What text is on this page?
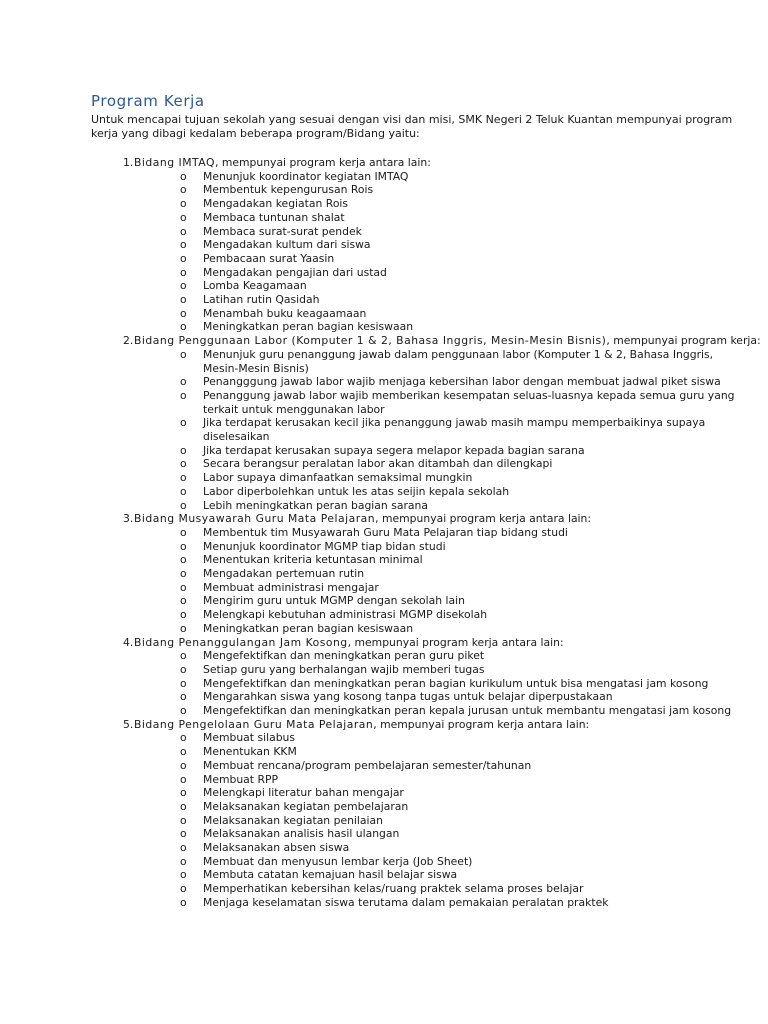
Program Kerja

Untuk mencapai tujuan sekolah yang sesuai dengan visi dan misi, SMK Negeri 2 Teluk Kuantan mempunyai program kerja yang dibagi kedalam beberapa program/Bidang yaitu:

1. Bidang IMTAQ, mempunyai program kerja antara lain:
o Menunjuk koordinator kegiatan IMTAQ
o Membentuk kepengurusan Rois
o Mengadakan kegiatan Rois
o Membaca tuntunan shalat
o Membaca surat-surat pendek
o Mengadakan kultum dari siswa
o Pembacaan surat Yaasin
o Mengadakan pengajian dari ustad
o Lomba Keagamaan
o Latihan rutin Qasidah
o Menambah buku keagaamaan
o Meningkatkan peran bagian kesiswaan
2. Bidang Penggunaan Labor (Komputer 1 & 2, Bahasa Inggris, Mesin-Mesin Bisnis), mempunyai program kerja:
o Menunjuk guru penanggung jawab dalam penggunaan labor (Komputer 1 & 2, Bahasa Inggris, Mesin-Mesin Bisnis)
o Penangggung jawab labor wajib menjaga kebersihan labor dengan membuat jadwal piket siswa
o Penanggung jawab labor wajib memberikan kesempatan seluas-luasnya kepada semua guru yang terkait untuk menggunakan labor
o Jika terdapat kerusakan kecil jika penanggung jawab masih mampu memperbaikinya supaya diselesaikan
o Jika terdapat kerusakan supaya segera melapor kepada bagian sarana
o Secara berangsur peralatan labor akan ditambah dan dilengkapi
o Labor supaya dimanfaatkan semaksimal mungkin
o Labor diperbolehkan untuk les atas seijin kepala sekolah
o Lebih meningkatkan peran bagian sarana
3. Bidang Musyawarah Guru Mata Pelajaran, mempunyai program kerja antara lain:
o Membentuk tim Musyawarah Guru Mata Pelajaran tiap bidang studi
o Menunjuk koordinator MGMP tiap bidan studi
o Menentukan kriteria ketuntasan minimal
o Mengadakan pertemuan rutin
o Membuat administrasi mengajar
o Mengirim guru untuk MGMP dengan sekolah lain
o Melengkapi kebutuhan administrasi MGMP disekolah
o Meningkatkan peran bagian kesiswaan
4. Bidang Penanggulangan Jam Kosong, mempunyai program kerja antara lain:
o Mengefektifkan dan meningkatkan peran guru piket
o Setiap guru yang berhalangan wajib memberi tugas
o Mengefektifkan dan meningkatkan peran bagian kurikulum untuk bisa mengatasi jam kosong
o Mengarahkan siswa yang kosong tanpa tugas untuk belajar diperpustakaan
o Mengefektifkan dan meningkatkan peran kepala jurusan untuk membantu mengatasi jam kosong
5. Bidang Pengelolaan Guru Mata Pelajaran, mempunyai program kerja antara lain:
o Membuat silabus
o Menentukan KKM
o Membuat rencana/program pembelajaran semester/tahunan
o Membuat RPP
o Melengkapi literatur bahan mengajar
o Melaksanakan kegiatan pembelajaran
o Melaksanakan kegiatan penilaian
o Melaksanakan analisis hasil ulangan
o Melaksanakan absen siswa
o Membuat dan menyusun lembar kerja (Job Sheet)
o Membuta catatan kemajuan hasil belajar siswa
o Memperhatikan kebersihan kelas/ruang praktek selama proses belajar
o Menjaga keselamatan siswa terutama dalam pemakaian peralatan praktek
